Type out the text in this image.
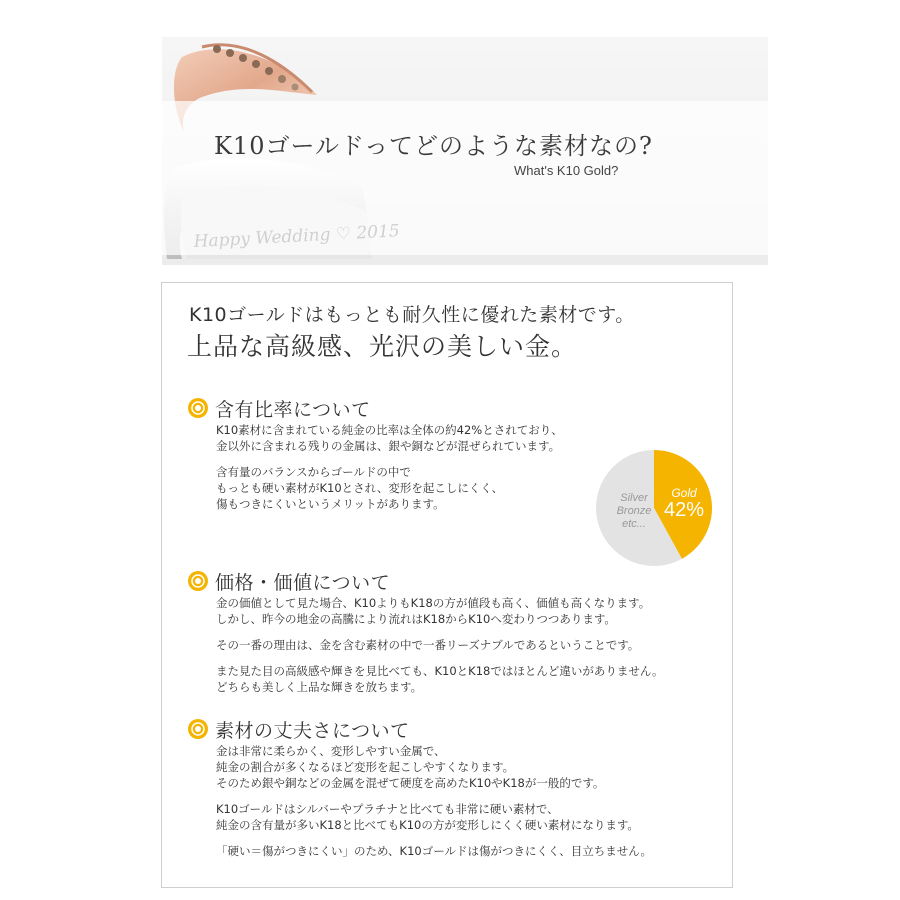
K10ゴールドってどのような素材なの?
What's K10 Gold?
K10ゴールドはもっとも耐久性に優れた素材です。
上品な高級感、光沢の美しい金。
含有比率について
K10素材に含まれている純金の比率は全体の約42%とされており、
金以外に含まれる残りの金属は、銀や銅などが混ぜられています。
含有量のバランスからゴールドの中で
もっとも硬い素材がK10とされ、変形を起こしにくく、
傷もつきにくいというメリットがあります。	Silver
Bronze
etc...
Gold
42%
価格・価値について
金の価値として見た場合、K10よりもK18の方が値段も高く、価値も高くなります。
しかし、昨今の地金の高騰により流れはK18からK10へ変わりつつあります。
その一番の理由は、金を含む素材の中で一番リーズナブルであるということです。
また見た目の高級感や輝きを見比べても、K10とK18ではほとんど違いがありません。
どちらも美しく上品な輝きを放ちます。
素材の丈夫さについて
金は非常に柔らかく、変形しやすい金属で、
純金の割合が多くなるほど変形を起こしやすくなります。
そのため銀や銅などの金属を混ぜて硬度を高めたK10やK18が一般的です。
K10ゴールドはシルバーやプラチナと比べても非常に硬い素材で、
純金の含有量が多いK18と比べてもK10の方が変形しにくく硬い素材になります。
「硬い＝傷がつきにくい」のため、K10ゴールドは傷がつきにくく、目立ちません。
